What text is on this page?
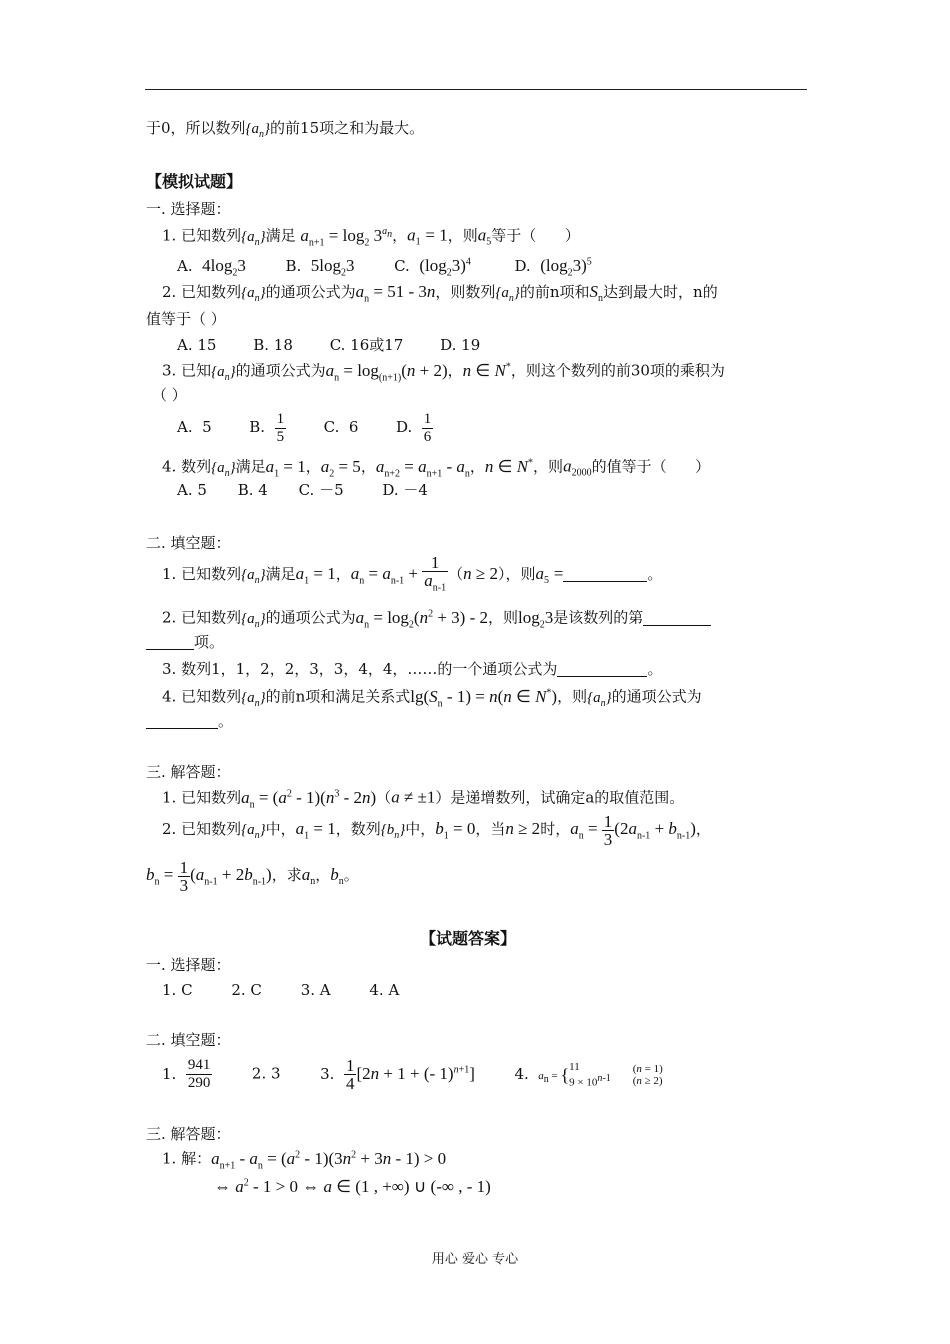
于0，所以数列$\{a_n\}$的前15项之和为最大。
【模拟试题】
一. 选择题：
1. 已知数列$\{a_n\}$满足 $a_{n+1} = \log_2 3^{a_n}$，$a_1 = 1$，则$a_5$等于（      ）
A.  $4\log_23$	B.  $5\log_23$	C.  $(\log_23)^4$	D.  $(\log_23)^5$
2. 已知数列$\{a_n\}$的通项公式为$a_n = 51 - 3n$，则数列$\{a_n\}$的前n项和$S_n$达到最大时，n的
值等于（ ）
A. 15 B. 18 C. 16或17 D. 19
3. 已知$\{a_n\}$的通项公式为$a_n = \log_{(n+1)}(n + 2)$，n ∈ N*，则这个数列的前30项的乘积为
（ ）
A.  5	B. $\frac{1}{5}$	C.  6	D. $\frac{1}{6}$
4. 数列$\{a_n\}$满足$a_1 = 1$，$a_2 = 5$，$a_{n+2} = a_{n+1} - a_n$，n ∈ N*，则$a_{2000}$的值等于（      ）
A. 5 B. 4 C. －5	D. －4
二. 填空题：
1. 已知数列$\{a_n\}$满足$a_1 = 1$，$a_n = a_{n-1} + \frac{1}{a_{n-1}} (n \ge 2)$，则$a_5$ =	。
2. 已知数列$\{a_n\}$的通项公式为$a_n = \log_2(n^2 + 3) - 2$，则$\log_23$是该数列的第
项。
3. 数列1，1，2，2，3，3，4，4，……的一个通项公式为	。
4. 已知数列$\{a_n\}$的前n项和满足关系式$\lg(S_n - 1) = n(n$ ∈ N*)，则$\{a_n\}$的通项公式为
。
三. 解答题：
1. 已知数列$a_n = (a^2 - 1)(n^3 - 2n)(a \ne \pm 1)$是递增数列，试确定a的取值范围。
2. 已知数列$\{a_n\}$中，$a_1 = 1$，数列$\{b_n\}$中，$b_1 = 0$，当n ≥ 2时，$a_n = \frac{1}{3} (2a_{n-1} + b_{n-1})$，
$b_n = \frac{1}{3} (a_{n-1} + 2b_{n-1})$，求$a_n$，$b_n$。
【试题答案】
一. 选择题：
1. C	2. C	3. A	4. A
二. 填空题：
1. $\frac{941}{290}$	2. 3	3. $\frac{1}{4} [2n + 1$ + (- 1)$^{n+1}$]	4.  $a_n = \{11$
$9 \times 10^{n-1}(n = 1)$
(n ≥ 2)
三. 解答题：
1. 解：$a_{n+1} - a_n = (a^2 - 1)(3n^2 + 3n - 1) > 0$
⇔ $a^2 - 1 > 0$ ⇔ a ∈ (1 , +∞) ∪ (-∞ , - 1)
用心 爱心 专心
